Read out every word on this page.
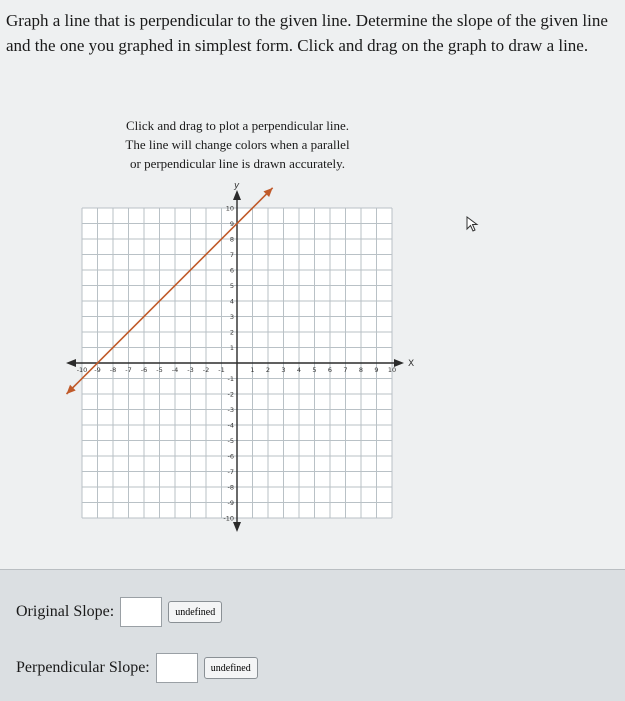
Graph a line that is perpendicular to the given line. Determine the slope of the given line and the one you graphed in simplest form. Click and drag on the graph to draw a line.
Click and drag to plot a perpendicular line.
The line will change colors when a parallel
or perpendicular line is drawn accurately.
X
y
-10 -9 -8 -7 -6 -5 -4 -3 -2 -1	1 2 3 4 5 6 7 8 9 10
10
9
8
7
6
5
4
3
2
1
-1
-2
-3
-4
-5
-6
-7
-8
-9
-10
Original Slope:	undefined
Perpendicular Slope:	undefined
